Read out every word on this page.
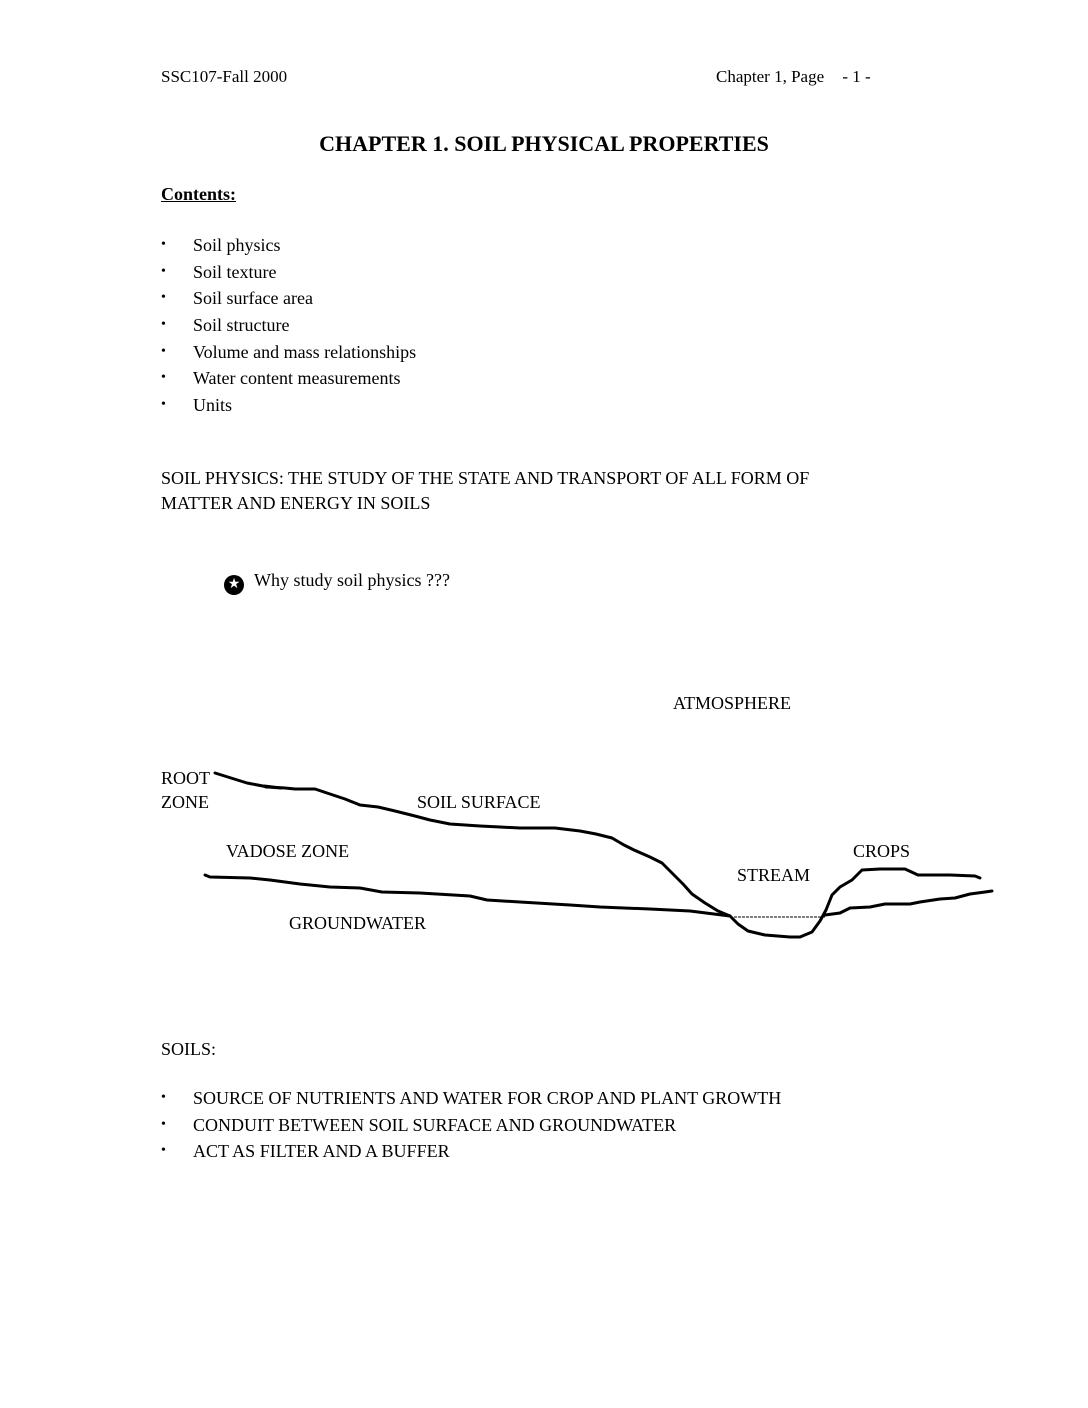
SSC107-Fall 2000	Chapter 1, Page - 1 -
CHAPTER 1. SOIL PHYSICAL PROPERTIES
Contents:
• Soil physics
• Soil texture
• Soil surface area
• Soil structure
• Volume and mass relationships
• Water content measurements
• Units
SOIL PHYSICS: THE STUDY OF THE STATE AND TRANSPORT OF ALL FORM OF
MATTER AND ENERGY IN SOILS
★ Why study soil physics ???
ATMOSPHERE
ROOT
ZONE	SOIL SURFACE
VADOSE ZONE	CROPS
STREAM
GROUNDWATER
SOILS:
• SOURCE OF NUTRIENTS AND WATER FOR CROP AND PLANT GROWTH
• CONDUIT BETWEEN SOIL SURFACE AND GROUNDWATER
• ACT AS FILTER AND A BUFFER
